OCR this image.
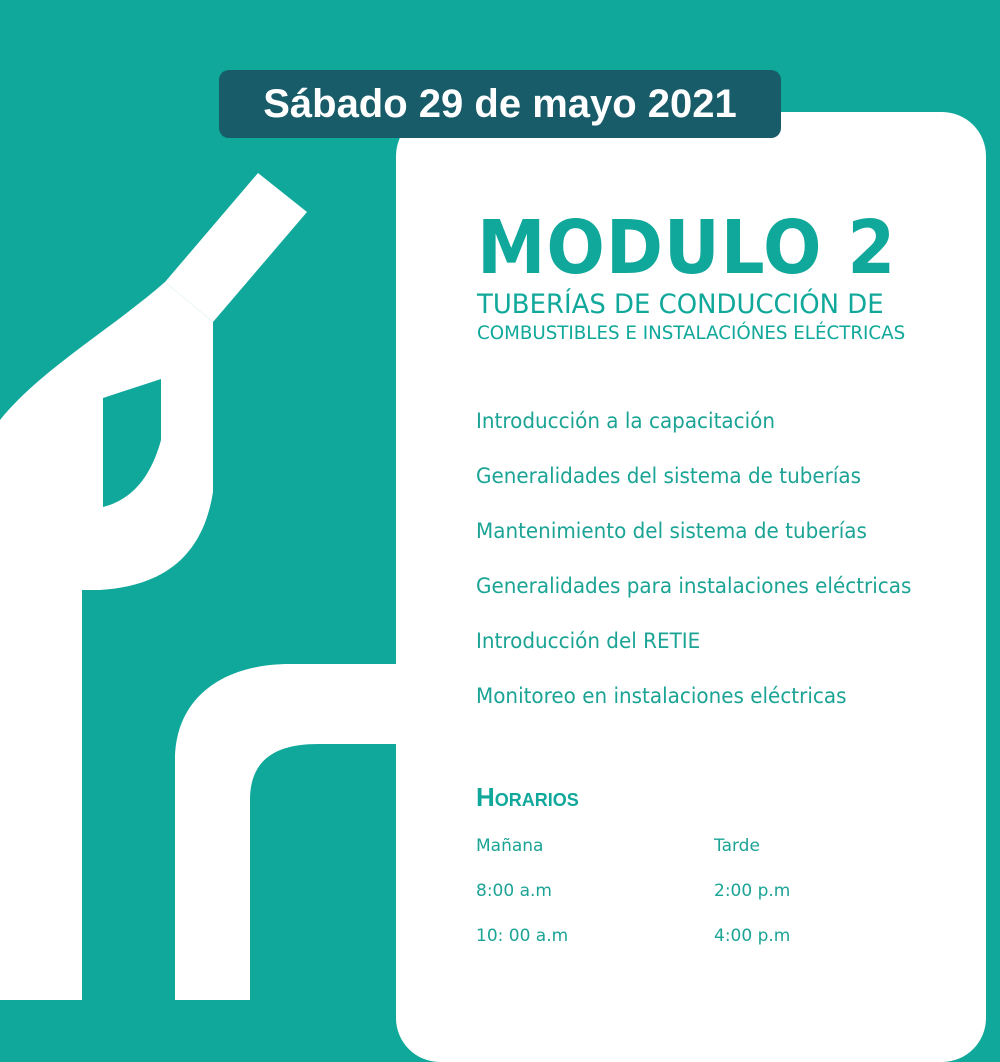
Sábado 29 de mayo 2021
MODULO 2
TUBERÍAS DE CONDUCCIÓN DE
COMBUSTIBLES E INSTALACIÓNES ELÉCTRICAS
Introducción a la capacitación
Generalidades del sistema de tuberías
Mantenimiento del sistema de tuberías
Generalidades para instalaciones eléctricas
Introducción del RETIE
Monitoreo en instalaciones eléctricas
Horarios
Mañana
8:00 a.m
10: 00 a.m
Tarde
2:00 p.m
4:00 p.m
